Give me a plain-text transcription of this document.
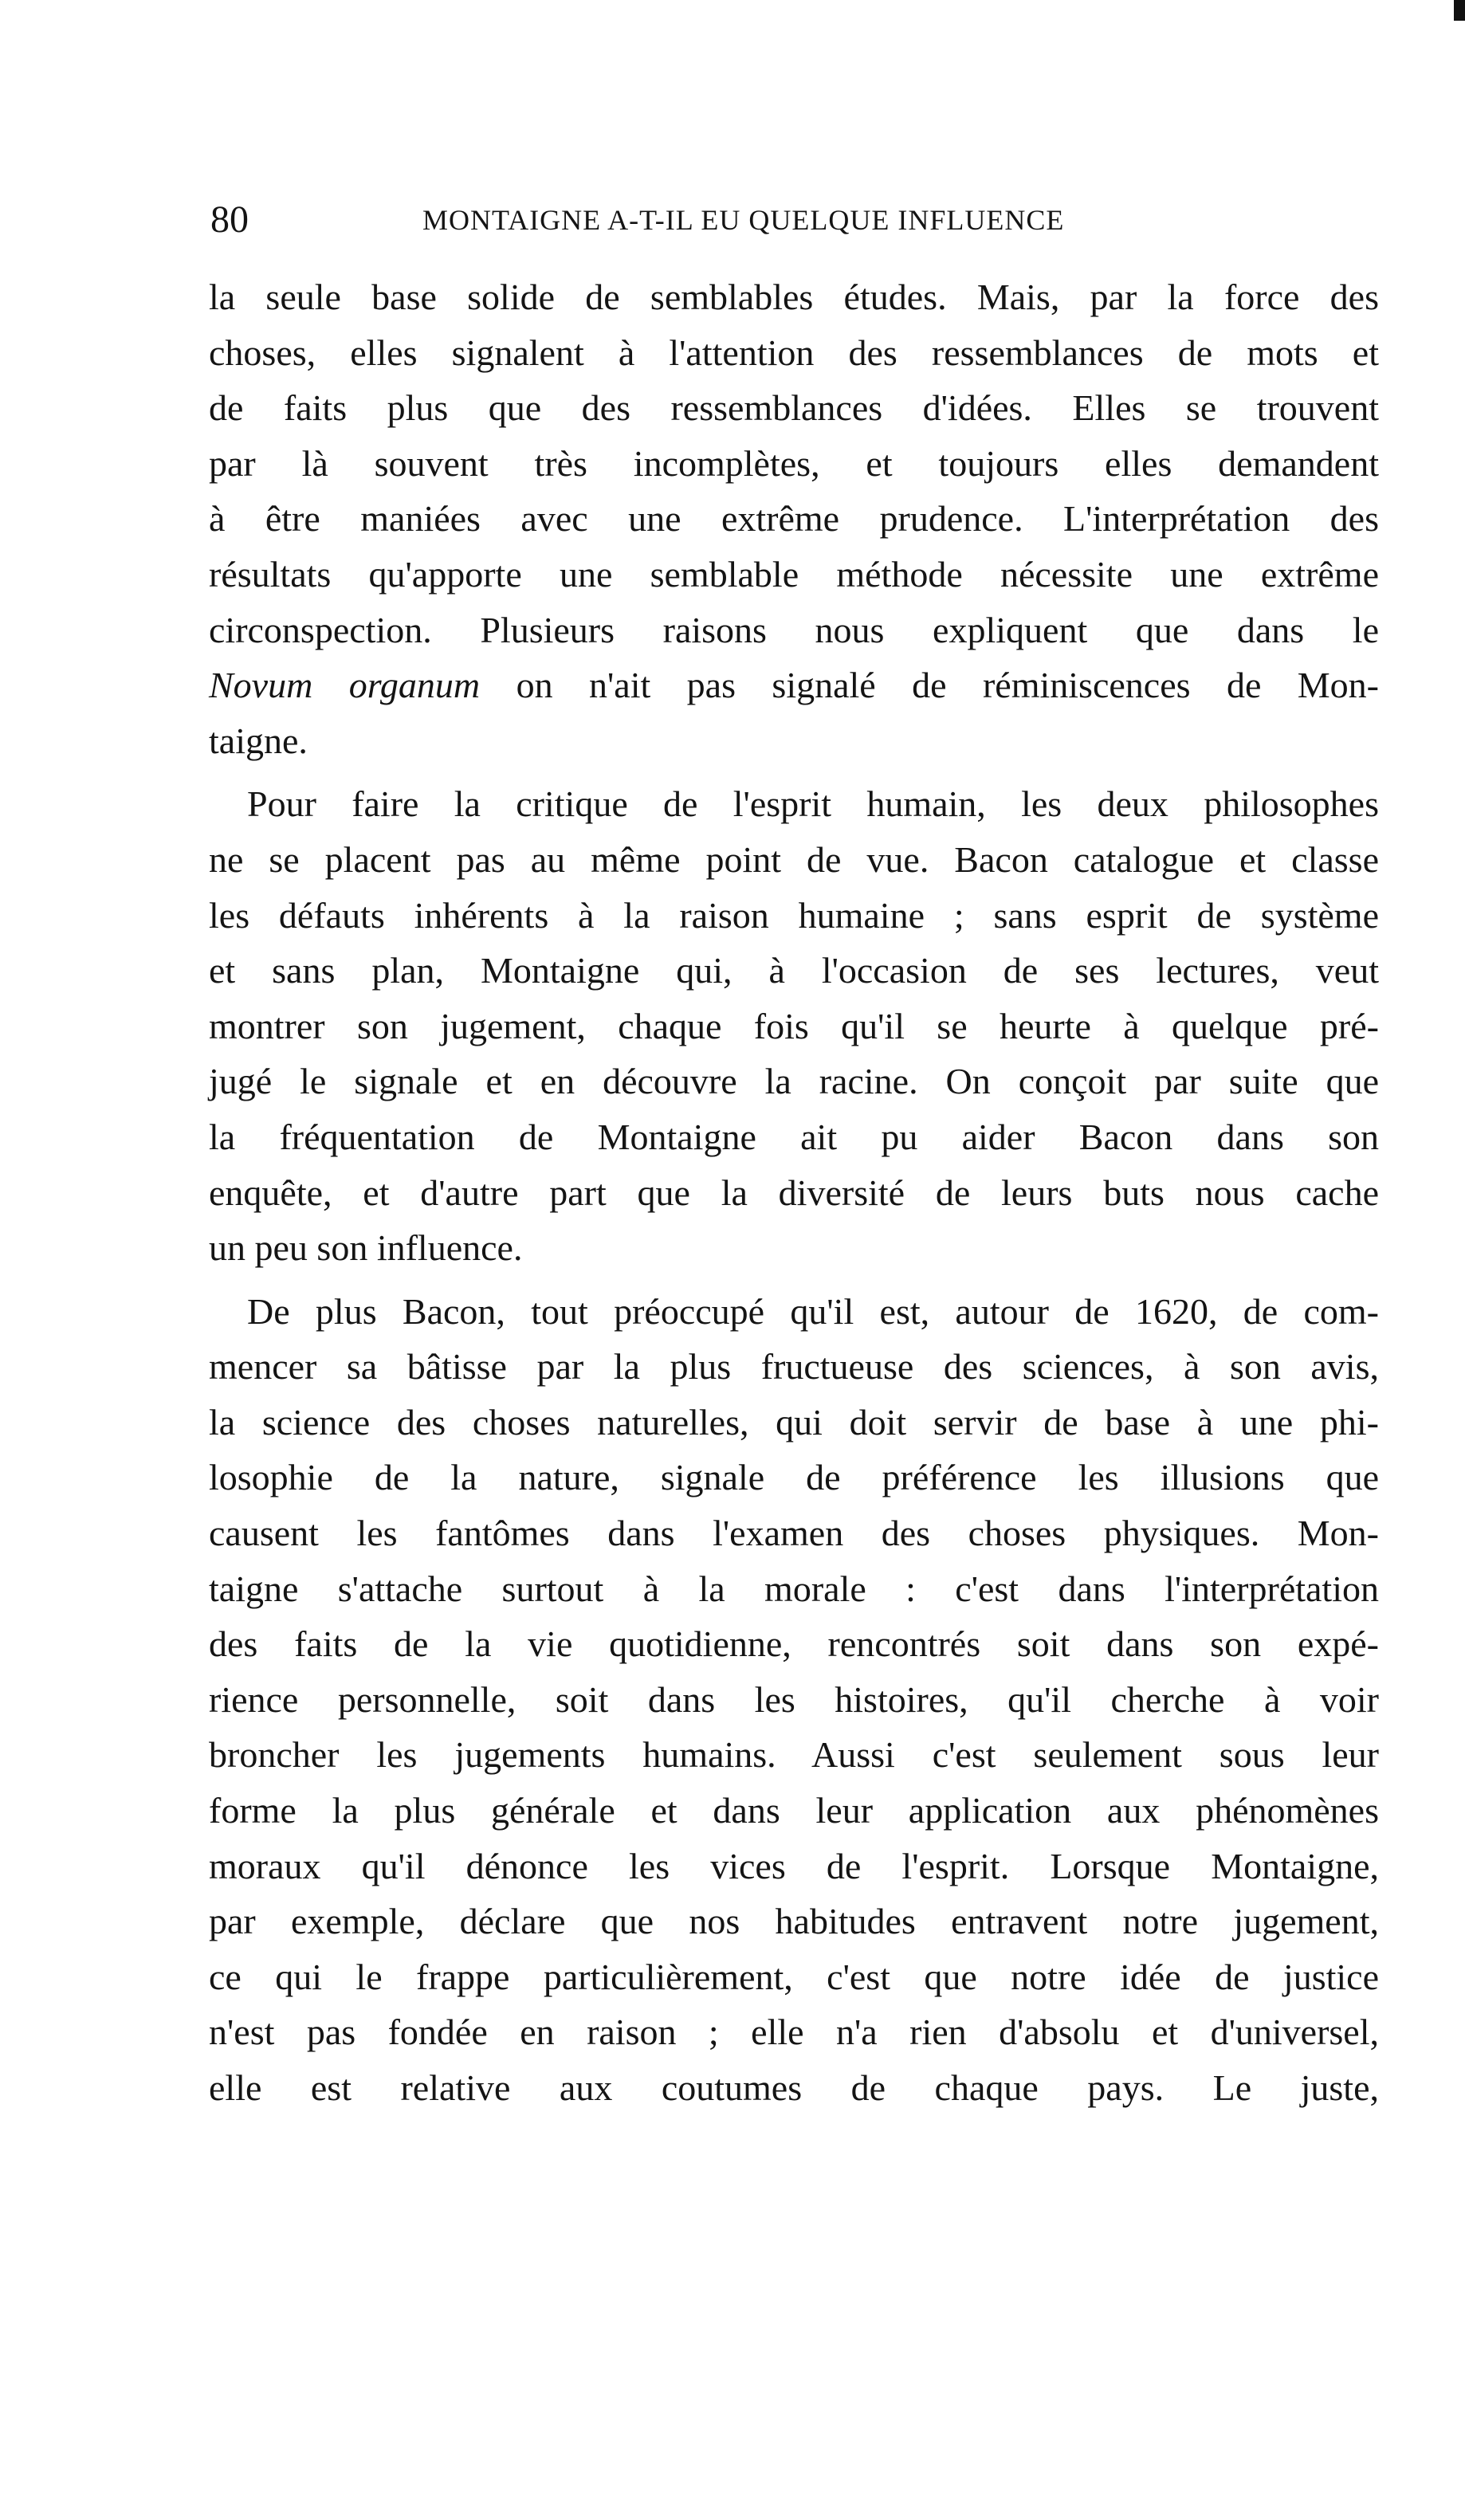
80	MONTAIGNE A-T-IL EU QUELQUE INFLUENCE

la seule base solide de semblables études. Mais, par la force des
choses, elles signalent à l'attention des ressemblances de mots et
de faits plus que des ressemblances d'idées. Elles se trouvent
par là souvent très incomplètes, et toujours elles demandent
à être maniées avec une extrême prudence. L'interprétation des
résultats qu'apporte une semblable méthode nécessite une extrême
circonspection. Plusieurs raisons nous expliquent que dans le
Novum organum on n'ait pas signalé de réminiscences de Mon-
taigne.

Pour faire la critique de l'esprit humain, les deux philosophes
ne se placent pas au même point de vue. Bacon catalogue et classe
les défauts inhérents à la raison humaine ; sans esprit de système
et sans plan, Montaigne qui, à l'occasion de ses lectures, veut
montrer son jugement, chaque fois qu'il se heurte à quelque pré-
jugé le signale et en découvre la racine. On conçoit par suite que
la fréquentation de Montaigne ait pu aider Bacon dans son
enquête, et d'autre part que la diversité de leurs buts nous cache
un peu son influence.

De plus Bacon, tout préoccupé qu'il est, autour de 1620, de com-
mencer sa bâtisse par la plus fructueuse des sciences, à son avis,
la science des choses naturelles, qui doit servir de base à une phi-
losophie de la nature, signale de préférence les illusions que
causent les fantômes dans l'examen des choses physiques. Mon-
taigne s'attache surtout à la morale : c'est dans l'interprétation
des faits de la vie quotidienne, rencontrés soit dans son expé-
rience personnelle, soit dans les histoires, qu'il cherche à voir
broncher les jugements humains. Aussi c'est seulement sous leur
forme la plus générale et dans leur application aux phénomènes
moraux qu'il dénonce les vices de l'esprit. Lorsque Montaigne,
par exemple, déclare que nos habitudes entravent notre jugement,
ce qui le frappe particulièrement, c'est que notre idée de justice
n'est pas fondée en raison ; elle n'a rien d'absolu et d'universel,
elle est relative aux coutumes de chaque pays. Le juste,
